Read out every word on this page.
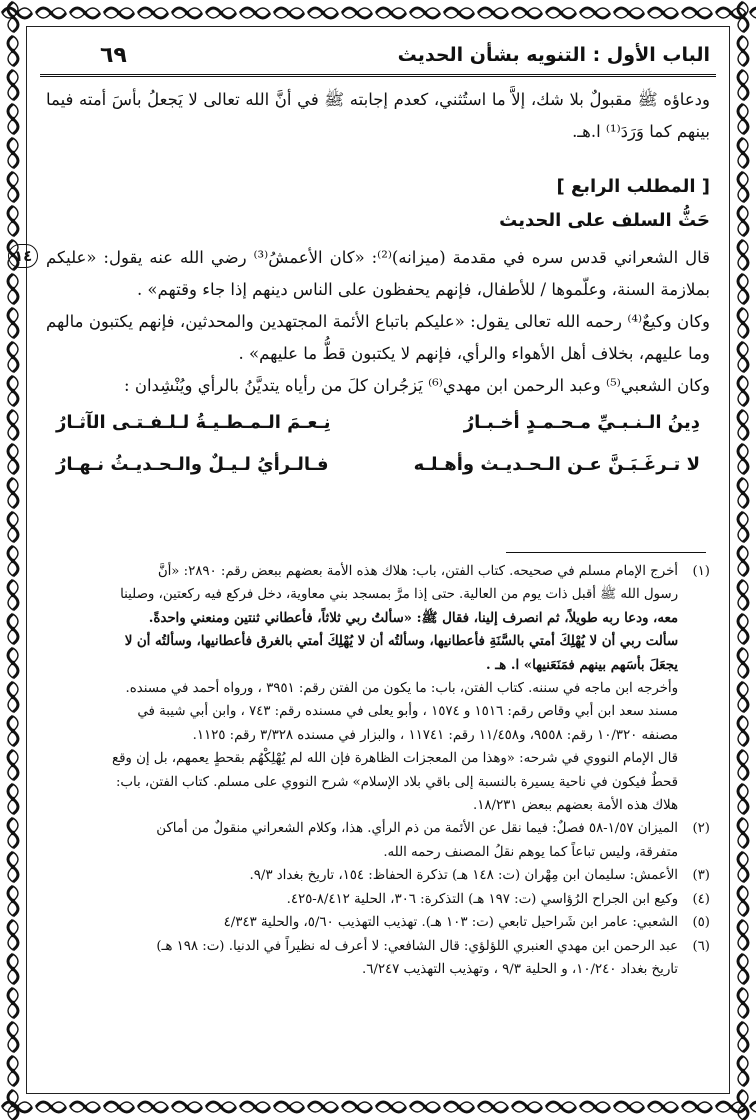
٦٩	الباب الأول : التنويه بشأن الحديث

ودعاؤه ﷺ مقبولٌ بلا شك، إلاَّ ما استُثني، كعدم إجابته ﷺ في أنَّ الله تعالى لا يَجعلُ بأسَ أمته فيما بينهم كما وَرَدَ⁽¹⁾ ا.هـ.

[ المطلب الرابع ]
حَثُّ السلف على الحديث
١٤ قال الشعراني قدس سره في مقدمة (ميزانه)⁽²⁾: «كان الأعمشُ⁽³⁾ رضي الله عنه يقول: «عليكم بملازمة السنة، وعلّموها / للأطفال، فإنهم يحفظون على الناس دينهم إذا جاء وقتهم» .

وكان وكيعٌ⁽⁴⁾ رحمه الله تعالى يقول: «عليكم باتباع الأئمة المجتهدين والمحدثين، فإنهم يكتبون مالهم وما عليهم، بخلاف أهل الأهواء والرأي، فإنهم لا يكتبون قطُّ ما عليهم» .

وكان الشعبي⁽⁵⁾ وعبد الرحمن ابن مهدي⁽⁶⁾ يَزجُران كلَ من رأياه يتديَّنُ بالرأي ويُنْشِدان :

دِينُ الـنـبـيِّ مـحـمـدٍ أخـبـارُ
نِـعـمَ الـمـطـيـةُ لـلـفـتـى الآثـارُ
لا تـرغَـبَـنَّ عـن الـحـديـث وأهـلـه
فـالـرأيُ لـيـلٌ والـحـديـثُ نـهـارُ
(١)

أخرج الإمام مسلم في صحيحه. كتاب الفتن، باب: هلاك هذه الأمة بعضهم ببعض رقم: ٢٨٩٠: «أنَّ

رسول الله ﷺ أقبل ذات يوم من العالية. حتى إذا مرَّ بمسجد بني معاوية، دخل فركع فيه ركعتين، وصلينا

معه، ودعا ربه طويلاً، ثم انصرف إلينا، فقال ﷺ: «سألتُ ربي ثلاثاً، فأعطاني ثنتين ومنعني واحدةً.

سألت ربي أن لا يُهْلِكَ أمتي بالسَّنَةِ فأعطانيها، وسألتُه أن لا يُهْلِكَ أمتي بالغرق فأعطانيها، وسألتُه أن لا

يجعَلَ بأسَهم بينهم فمَنَعَنيها» ا. هـ .

وأخرجه ابن ماجه في سننه. كتاب الفتن، باب: ما يكون من الفتن رقم: ٣٩٥١ ، ورواه أحمد في مسنده.

مسند سعد ابن أبي وقاص رقم: ١٥١٦ و ١٥٧٤ ، وأبو يعلى في مسنده رقم: ٧٤٣ ، وابن أبي شيبة في

مصنفه ١٠/٣٢٠ رقم: ٩٥٥٨، و١١/٤٥٨ رقم: ١١٧٤١ ، والبزار في مسنده ٣/٣٢٨ رقم: ١١٢٥.

قال الإمام النووي في شرحه: «وهذا من المعجزات الظاهرة فإن الله لم يُهْلِكْهُم بقحطٍ يعمهم، بل إن وقع

قحطٌ فيكون في ناحية يسيرة بالنسبة إلى باقي بلاد الإسلام» شرح النووي على مسلم. كتاب الفتن، باب:

هلاك هذه الأمة بعضهم ببعض ١٨/٢٣١.

(٢)

الميزان ١/٥٧-٥٨ فصلٌ: فيما نقل عن الأئمة من ذم الرأي. هذا، وكلام الشعراني منقولٌ من أماكن

متفرقة، وليس تباعاً كما يوهم نقلُ المصنف رحمه الله.

(٣)

الأعمش: سليمان ابن مِهْران (ت: ١٤٨ هـ) تذكرة الحفاظ: ١٥٤، تاريخ بغداد ٩/٣.

(٤)

وكيع ابن الجراح الرُؤاسي (ت: ١٩٧ هـ) التذكرة: ٣٠٦، الحلية ٨/٤١٢-٤٢٥.

(٥)

الشعبي: عامر ابن شَراحيل تابعي (ت: ١٠٣ هـ). تهذيب التهذيب ٥/٦٠، والحلية ٤/٣٤٣

(٦)

عبد الرحمن ابن مهدي العنبري اللؤلؤي: قال الشافعي: لا أعرف له نظيراً في الدنيا. (ت: ١٩٨ هـ)

تاريخ بغداد ١٠/٢٤٠، و الحلية ٩/٣ ، وتهذيب التهذيب ٦/٢٤٧.
